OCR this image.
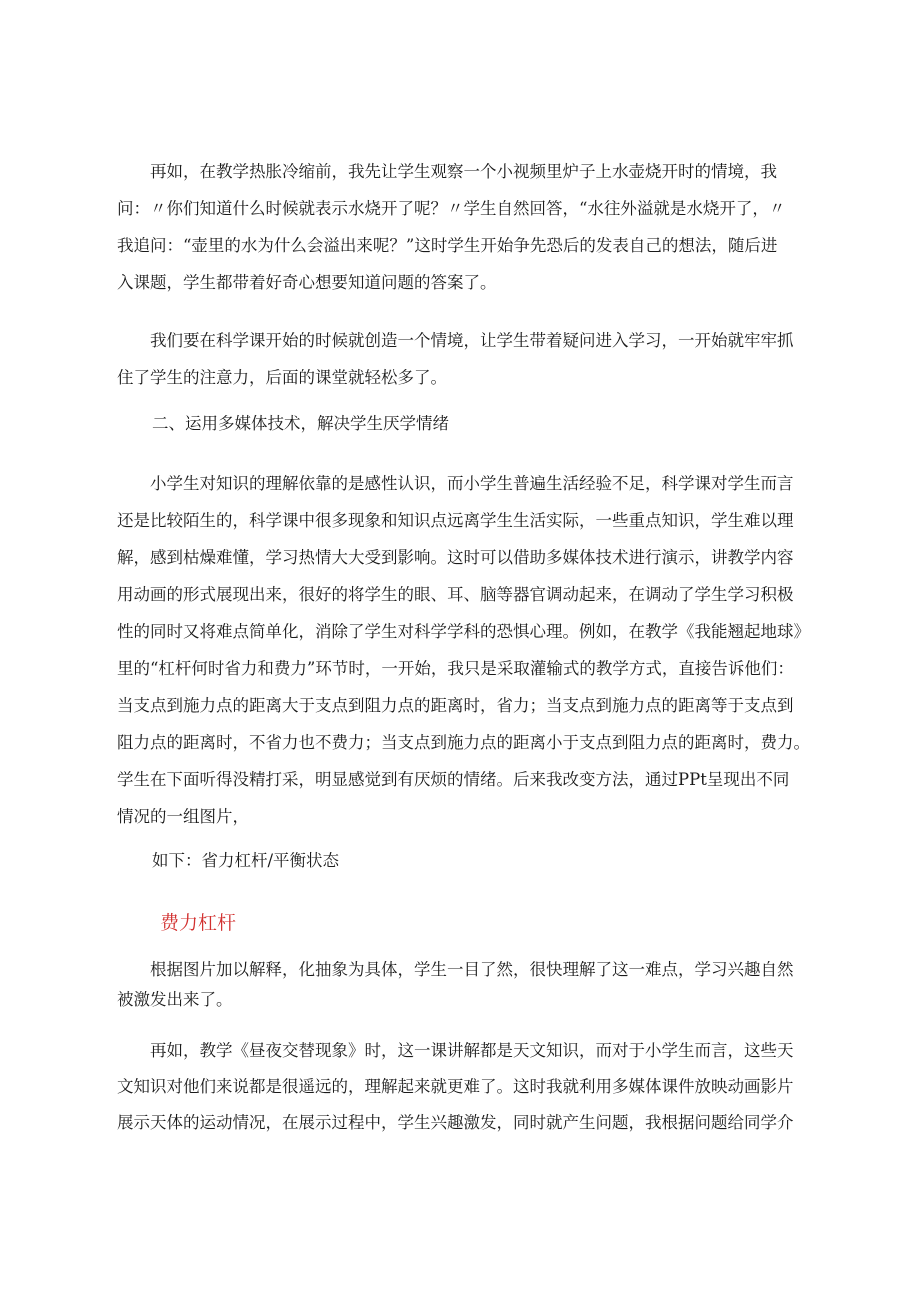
　　再如，在教学热胀冷缩前，我先让学生观察一个小视频里炉子上水壶烧开时的情境，我
问：〃你们知道什么时候就表示水烧开了呢？〃学生自然回答，“水往外溢就是水烧开了，〃
我追问：“壶里的水为什么会溢出来呢？”这时学生开始争先恐后的发表自己的想法，随后进
入课题，学生都带着好奇心想要知道问题的答案了。
　　我们要在科学课开始的时候就创造一个情境，让学生带着疑问进入学习，一开始就牢牢抓
住了学生的注意力，后面的课堂就轻松多了。
二、运用多媒体技术，解决学生厌学情绪
　　小学生对知识的理解依靠的是感性认识，而小学生普遍生活经验不足，科学课对学生而言
还是比较陌生的，科学课中很多现象和知识点远离学生生活实际，一些重点知识，学生难以理
解，感到枯燥难懂，学习热情大大受到影响。这时可以借助多媒体技术进行演示，讲教学内容
用动画的形式展现出来，很好的将学生的眼、耳、脑等器官调动起来，在调动了学生学习积极
性的同时又将难点简单化，消除了学生对科学学科的恐惧心理。例如，在教学《我能翘起地球》
里的“杠杆何时省力和费力”环节时，一开始，我只是采取灌输式的教学方式，直接告诉他们：
当支点到施力点的距离大于支点到阻力点的距离时，省力；当支点到施力点的距离等于支点到
阻力点的距离时，不省力也不费力；当支点到施力点的距离小于支点到阻力点的距离时，费力。
学生在下面听得没精打采，明显感觉到有厌烦的情绪。后来我改变方法，通过PPt呈现出不同
情况的一组图片，
如下：省力杠杆/平衡状态
费力杠杆
　　根据图片加以解释，化抽象为具体，学生一目了然，很快理解了这一难点，学习兴趣自然
被激发出来了。
　　再如，教学《昼夜交替现象》时，这一课讲解都是天文知识，而对于小学生而言，这些天
文知识对他们来说都是很遥远的，理解起来就更难了。这时我就利用多媒体课件放映动画影片
展示天体的运动情况，在展示过程中，学生兴趣激发，同时就产生问题，我根据问题给同学介
